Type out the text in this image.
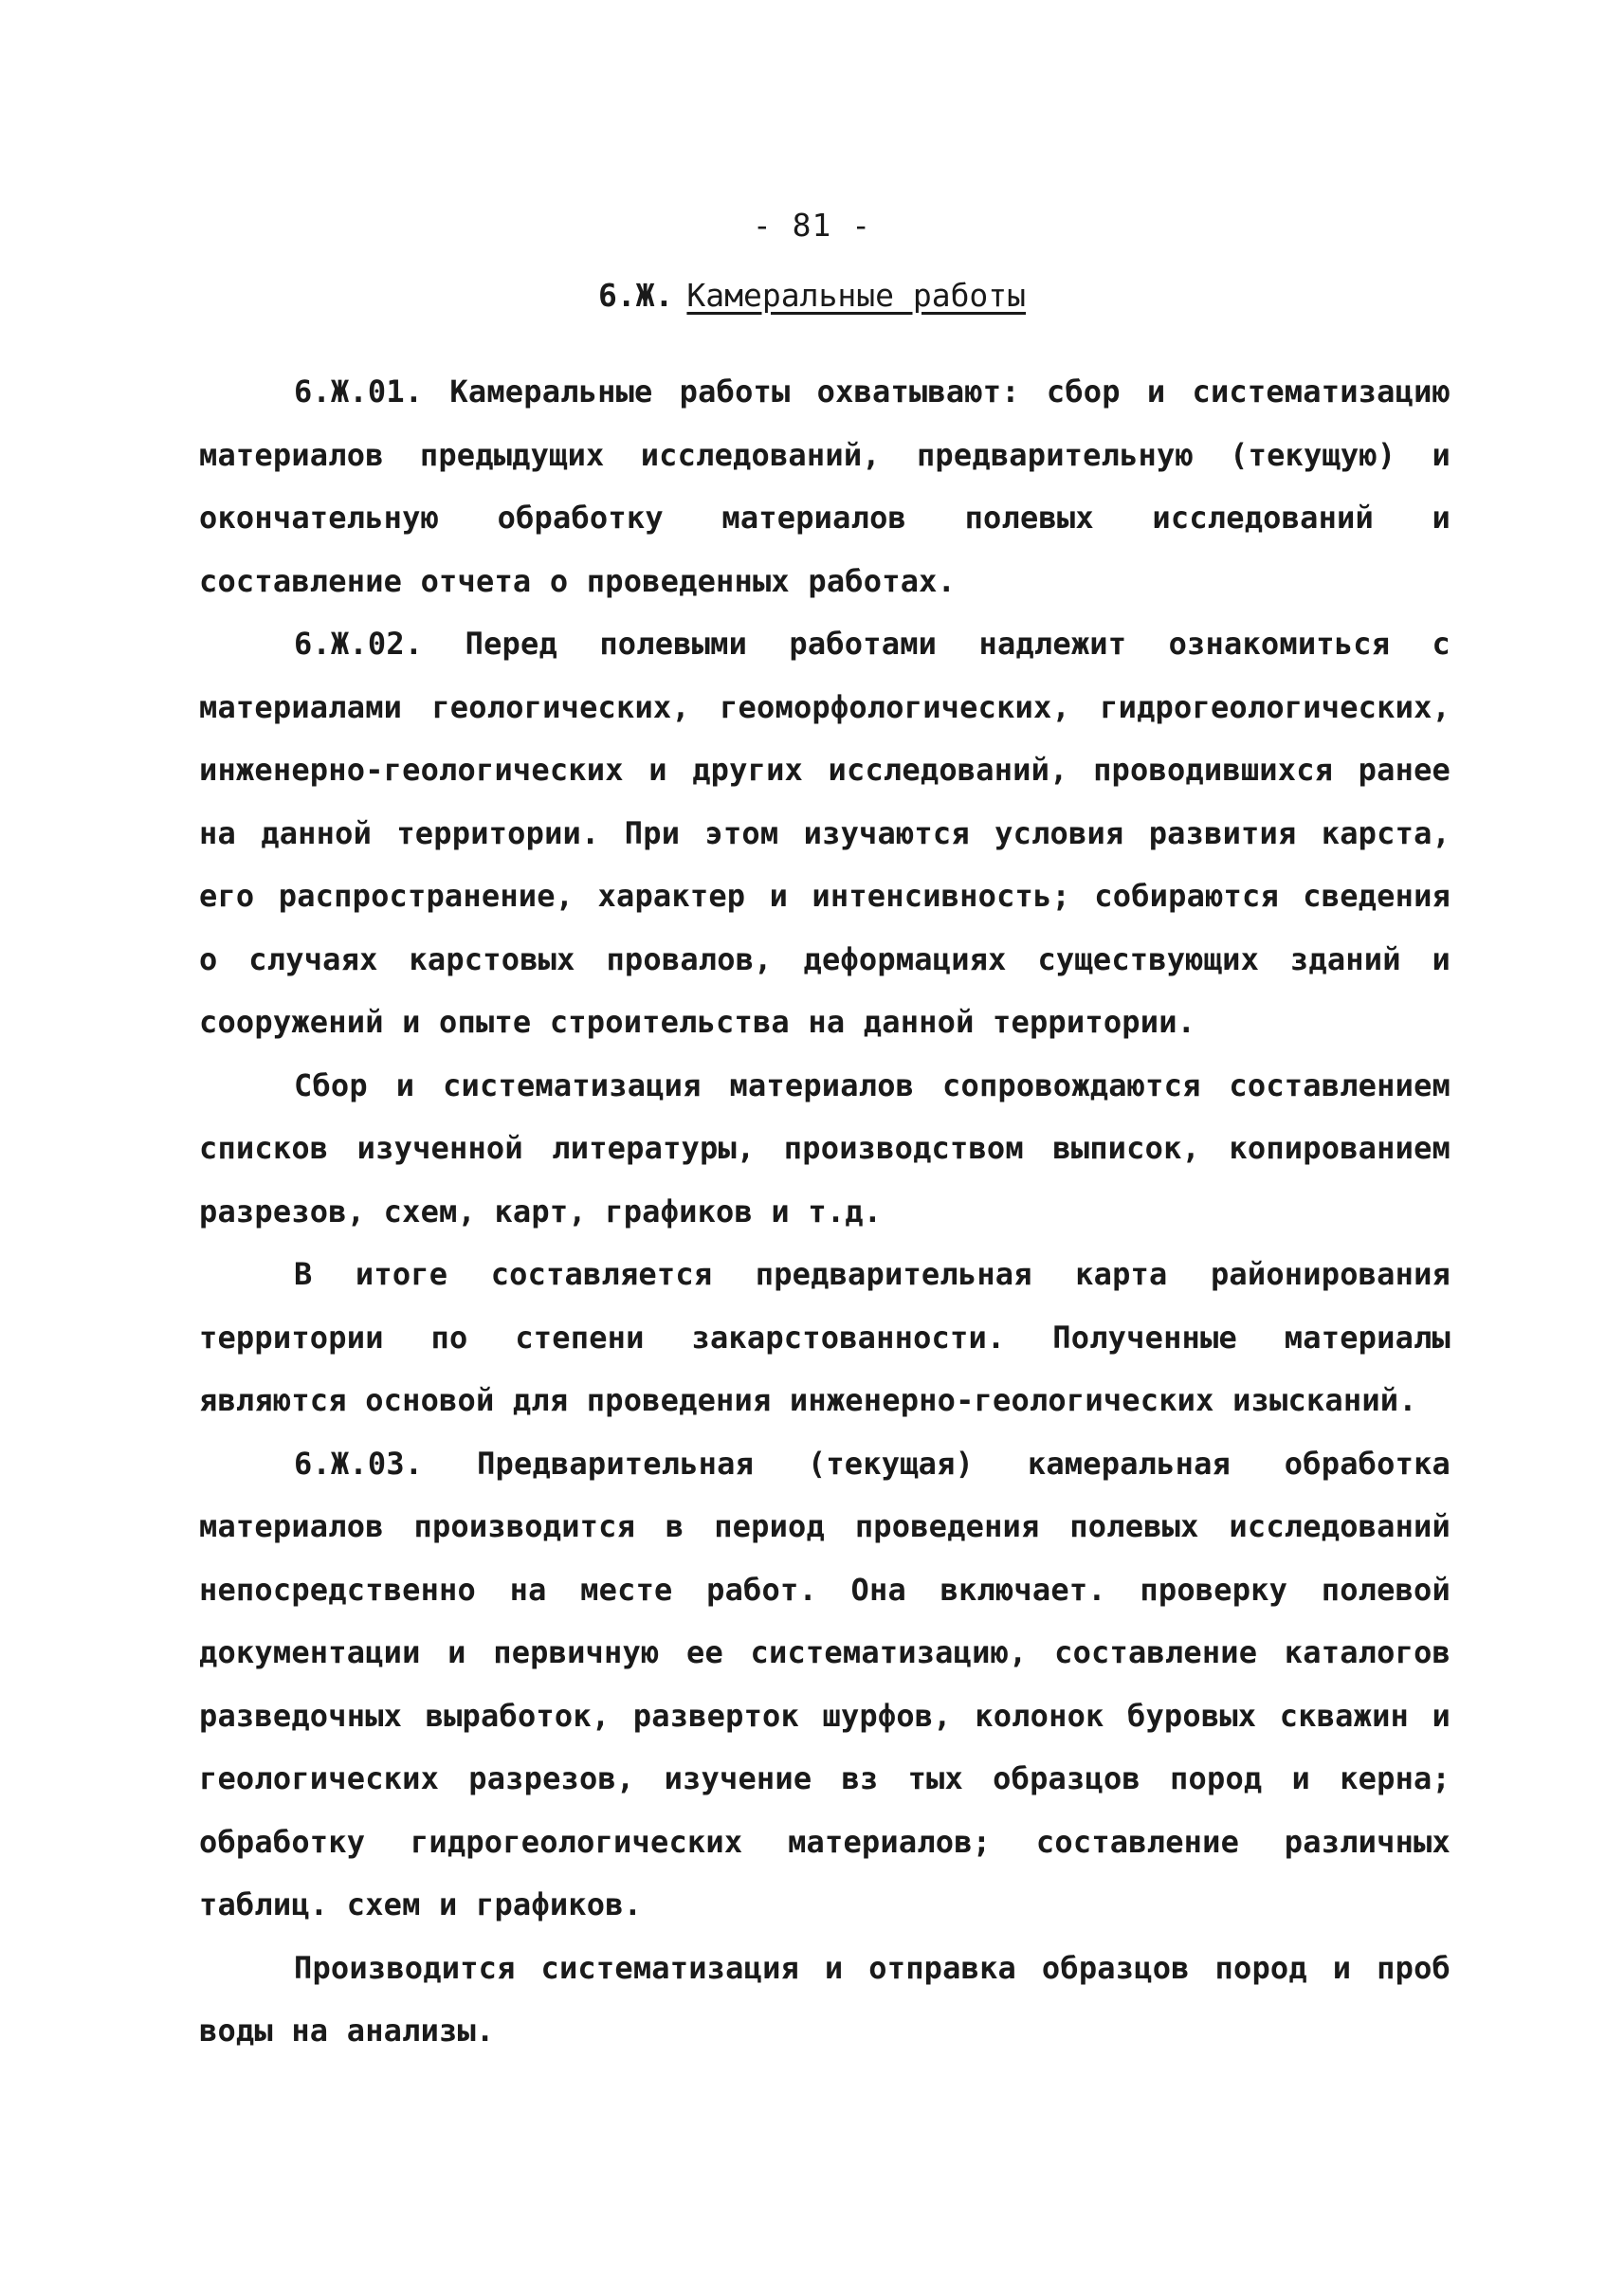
- 81 -
6.Ж. Камеральные работы

6.Ж.01. Камеральные работы охватывают: сбор и систематизацию материалов предыдущих исследований, предварительную (текущую) и окончательную обработку материалов полевых исследований и составление отчета о проведенных работах.

6.Ж.02. Перед полевыми работами надлежит ознакомиться с материалами геологических, геоморфологических, гидрогеологических, инженерно-геологических и других исследований, проводившихся ранее на данной территории. При этом изучаются условия развития карста, его распространение, характер и интенсивность; собираются сведения о случаях карстовых провалов, деформациях существующих зданий и сооружений и опыте строительства на данной территории.

Сбор и систематизация материалов сопровождаются составлением списков изученной литературы, производством выписок, копированием разрезов, схем, карт, графиков и т.д.

В итоге составляется предварительная карта районирования территории по степени закарстованности. Полученные материалы являются основой для проведения инженерно-геологических изысканий.

6.Ж.03. Предварительная (текущая) камеральная обработка материалов производится в период проведения полевых исследований непосредственно на месте работ. Она включает. проверку полевой документации и первичную ее систематизацию, составление каталогов разведочных выработок, разверток шурфов, колонок буровых скважин и геологических разрезов, изучение вз тых образцов пород и керна; обработку гидрогеологических материалов; составление различных таблиц. схем и графиков.

Производится систематизация и отправка образцов пород и проб воды на анализы.
